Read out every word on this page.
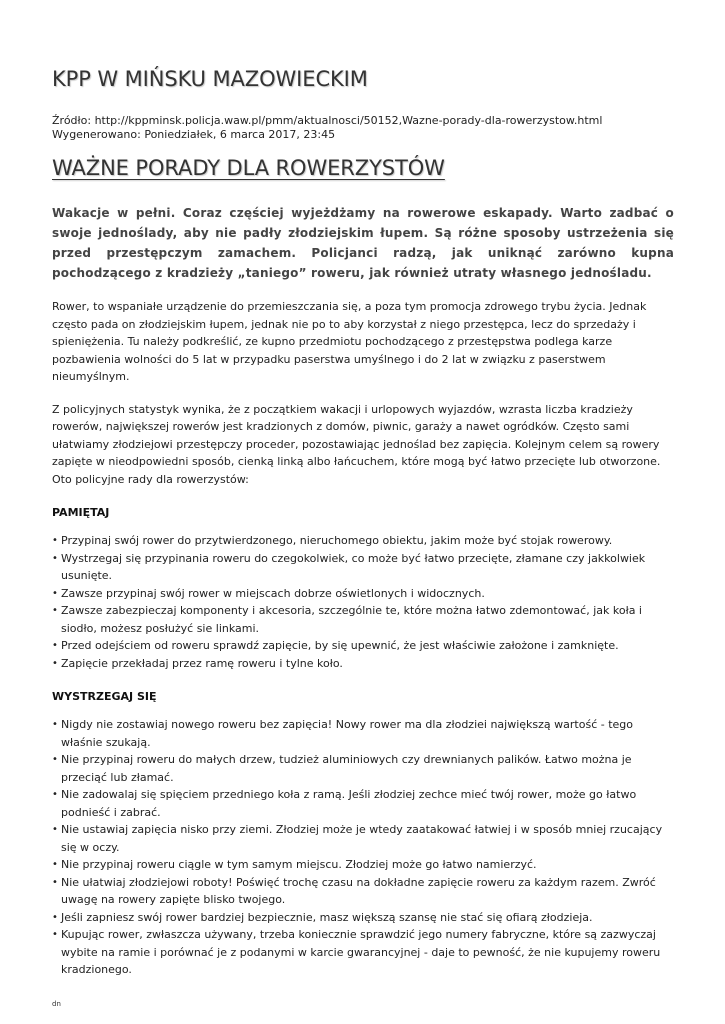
KPP W MIŃSKU MAZOWIECKIM
Źródło: http://kppminsk.policja.waw.pl/pmm/aktualnosci/50152,Wazne-porady-dla-rowerzystow.html
Wygenerowano: Poniedziałek, 6 marca 2017, 23:45
WAŻNE PORADY DLA ROWERZYSTÓW

Wakacje w pełni. Coraz częściej wyjeżdżamy na rowerowe eskapady. Warto zadbać o swoje jednoślady, aby nie padły złodziejskim łupem. Są różne sposoby ustrzeżenia się przed przestępczym zamachem. Policjanci radzą, jak uniknąć zarówno kupna pochodzącego z kradzieży „taniego” roweru, jak również utraty własnego jednośladu.

Rower, to wspaniałe urządzenie do przemieszczania się, a poza tym promocja zdrowego trybu życia. Jednak często pada on złodziejskim łupem, jednak nie po to aby korzystał z niego przestępca, lecz do sprzedaży i spieniężenia. Tu należy podkreślić, ze kupno przedmiotu pochodzącego z przestępstwa podlega karze pozbawienia wolności do 5 lat w przypadku paserstwa umyślnego i do 2 lat w związku z paserstwem nieumyślnym.

Z policyjnych statystyk wynika, że z początkiem wakacji i urlopowych wyjazdów, wzrasta liczba kradzieży rowerów, największej rowerów jest kradzionych z domów, piwnic, garaży a nawet ogródków. Często sami ułatwiamy złodziejowi przestępczy proceder, pozostawiając jednoślad bez zapięcia. Kolejnym celem są rowery zapięte w nieodpowiedni sposób, cienką linką albo łańcuchem, które mogą być łatwo przecięte lub otworzone.

Oto policyjne rady dla rowerzystów:

PAMIĘTAJ
• Przypinaj swój rower do przytwierdzonego, nieruchomego obiektu, jakim może być stojak rowerowy.
• Wystrzegaj się przypinania roweru do czegokolwiek, co może być łatwo przecięte, złamane czy jakkolwiek usunięte.
• Zawsze przypinaj swój rower w miejscach dobrze oświetlonych i widocznych.
• Zawsze zabezpieczaj komponenty i akcesoria, szczególnie te, które można łatwo zdemontować, jak koła i siodło, możesz posłużyć sie linkami.
• Przed odejściem od roweru sprawdź zapięcie, by się upewnić, że jest właściwie założone i zamknięte.
• Zapięcie przekładaj przez ramę roweru i tylne koło.
WYSTRZEGAJ SIĘ
• Nigdy nie zostawiaj nowego roweru bez zapięcia! Nowy rower ma dla złodziei największą wartość - tego właśnie szukają.
• Nie przypinaj roweru do małych drzew, tudzież aluminiowych czy drewnianych palików. Łatwo można je przeciąć lub złamać.
• Nie zadowalaj się spięciem przedniego koła z ramą. Jeśli złodziej zechce mieć twój rower, może go łatwo podnieść i zabrać.
• Nie ustawiaj zapięcia nisko przy ziemi. Złodziej może je wtedy zaatakować łatwiej i w sposób mniej rzucający się w oczy.
• Nie przypinaj roweru ciągle w tym samym miejscu. Złodziej może go łatwo namierzyć.
• Nie ułatwiaj złodziejowi roboty! Poświęć trochę czasu na dokładne zapięcie roweru za każdym razem. Zwróć uwagę na rowery zapięte blisko twojego.
• Jeśli zapniesz swój rower bardziej bezpiecznie, masz większą szansę nie stać się ofiarą złodzieja.
• Kupując rower, zwłaszcza używany, trzeba koniecznie sprawdzić jego numery fabryczne, które są zazwyczaj wybite na ramie i porównać je z podanymi w karcie gwarancyjnej - daje to pewność, że nie kupujemy roweru kradzionego.
dn
